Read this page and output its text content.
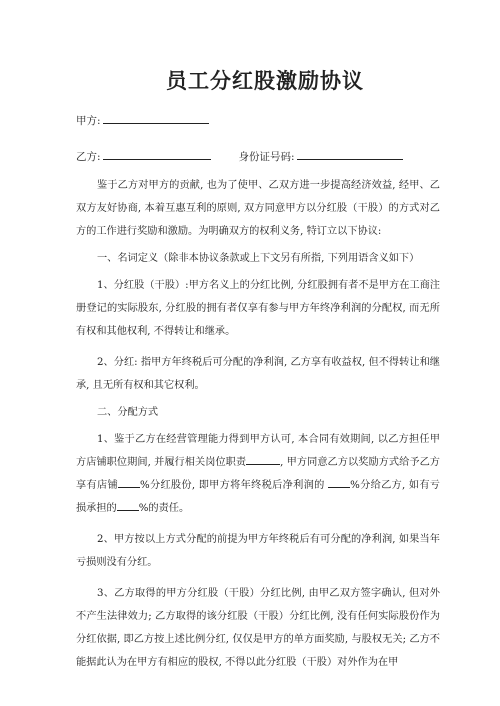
员工分红股激励协议
甲方:
乙方:	身份证号码:

鉴于乙方对甲方的贡献, 也为了使甲、乙双方进一步提高经济效益, 经甲、乙双方友好协商, 本着互惠互利的原则, 双方同意甲方以分红股（干股）的方式对乙方的工作进行奖励和激励。为明确双方的权利义务, 特订立以下协议:

一、名词定义（除非本协议条款或上下文另有所指, 下列用语含义如下）

1、分红股（干股）:甲方名义上的分红比例, 分红股拥有者不是甲方在工商注册登记的实际股东, 分红股的拥有者仅享有参与甲方年终净利润的分配权, 而无所有权和其他权利, 不得转让和继承。

2、分红: 指甲方年终税后可分配的净利润, 乙方享有收益权, 但不得转让和继承, 且无所有权和其它权利。

二、分配方式

1、鉴于乙方在经营管理能力得到甲方认可, 本合同有效期间, 以乙方担任甲方店铺职位期间, 并履行相关岗位职责	, 甲方同意乙方以奖励方式给予乙方享有店铺 %分红股份, 即甲方将年终税后净利润的 %分给乙方, 如有亏损承担的 %的责任。

2、甲方按以上方式分配的前提为甲方年终税后有可分配的净利润, 如果当年亏损则没有分红。

3、乙方取得的甲方分红股（干股）分红比例, 由甲乙双方签字确认, 但对外不产生法律效力; 乙方取得的该分红股（干股）分红比例, 没有任何实际股份作为分红依据, 即乙方按上述比例分红, 仅仅是甲方的单方面奖励, 与股权无关; 乙方不能据此认为在甲方有相应的股权, 不得以此分红股（干股）对外作为在甲
